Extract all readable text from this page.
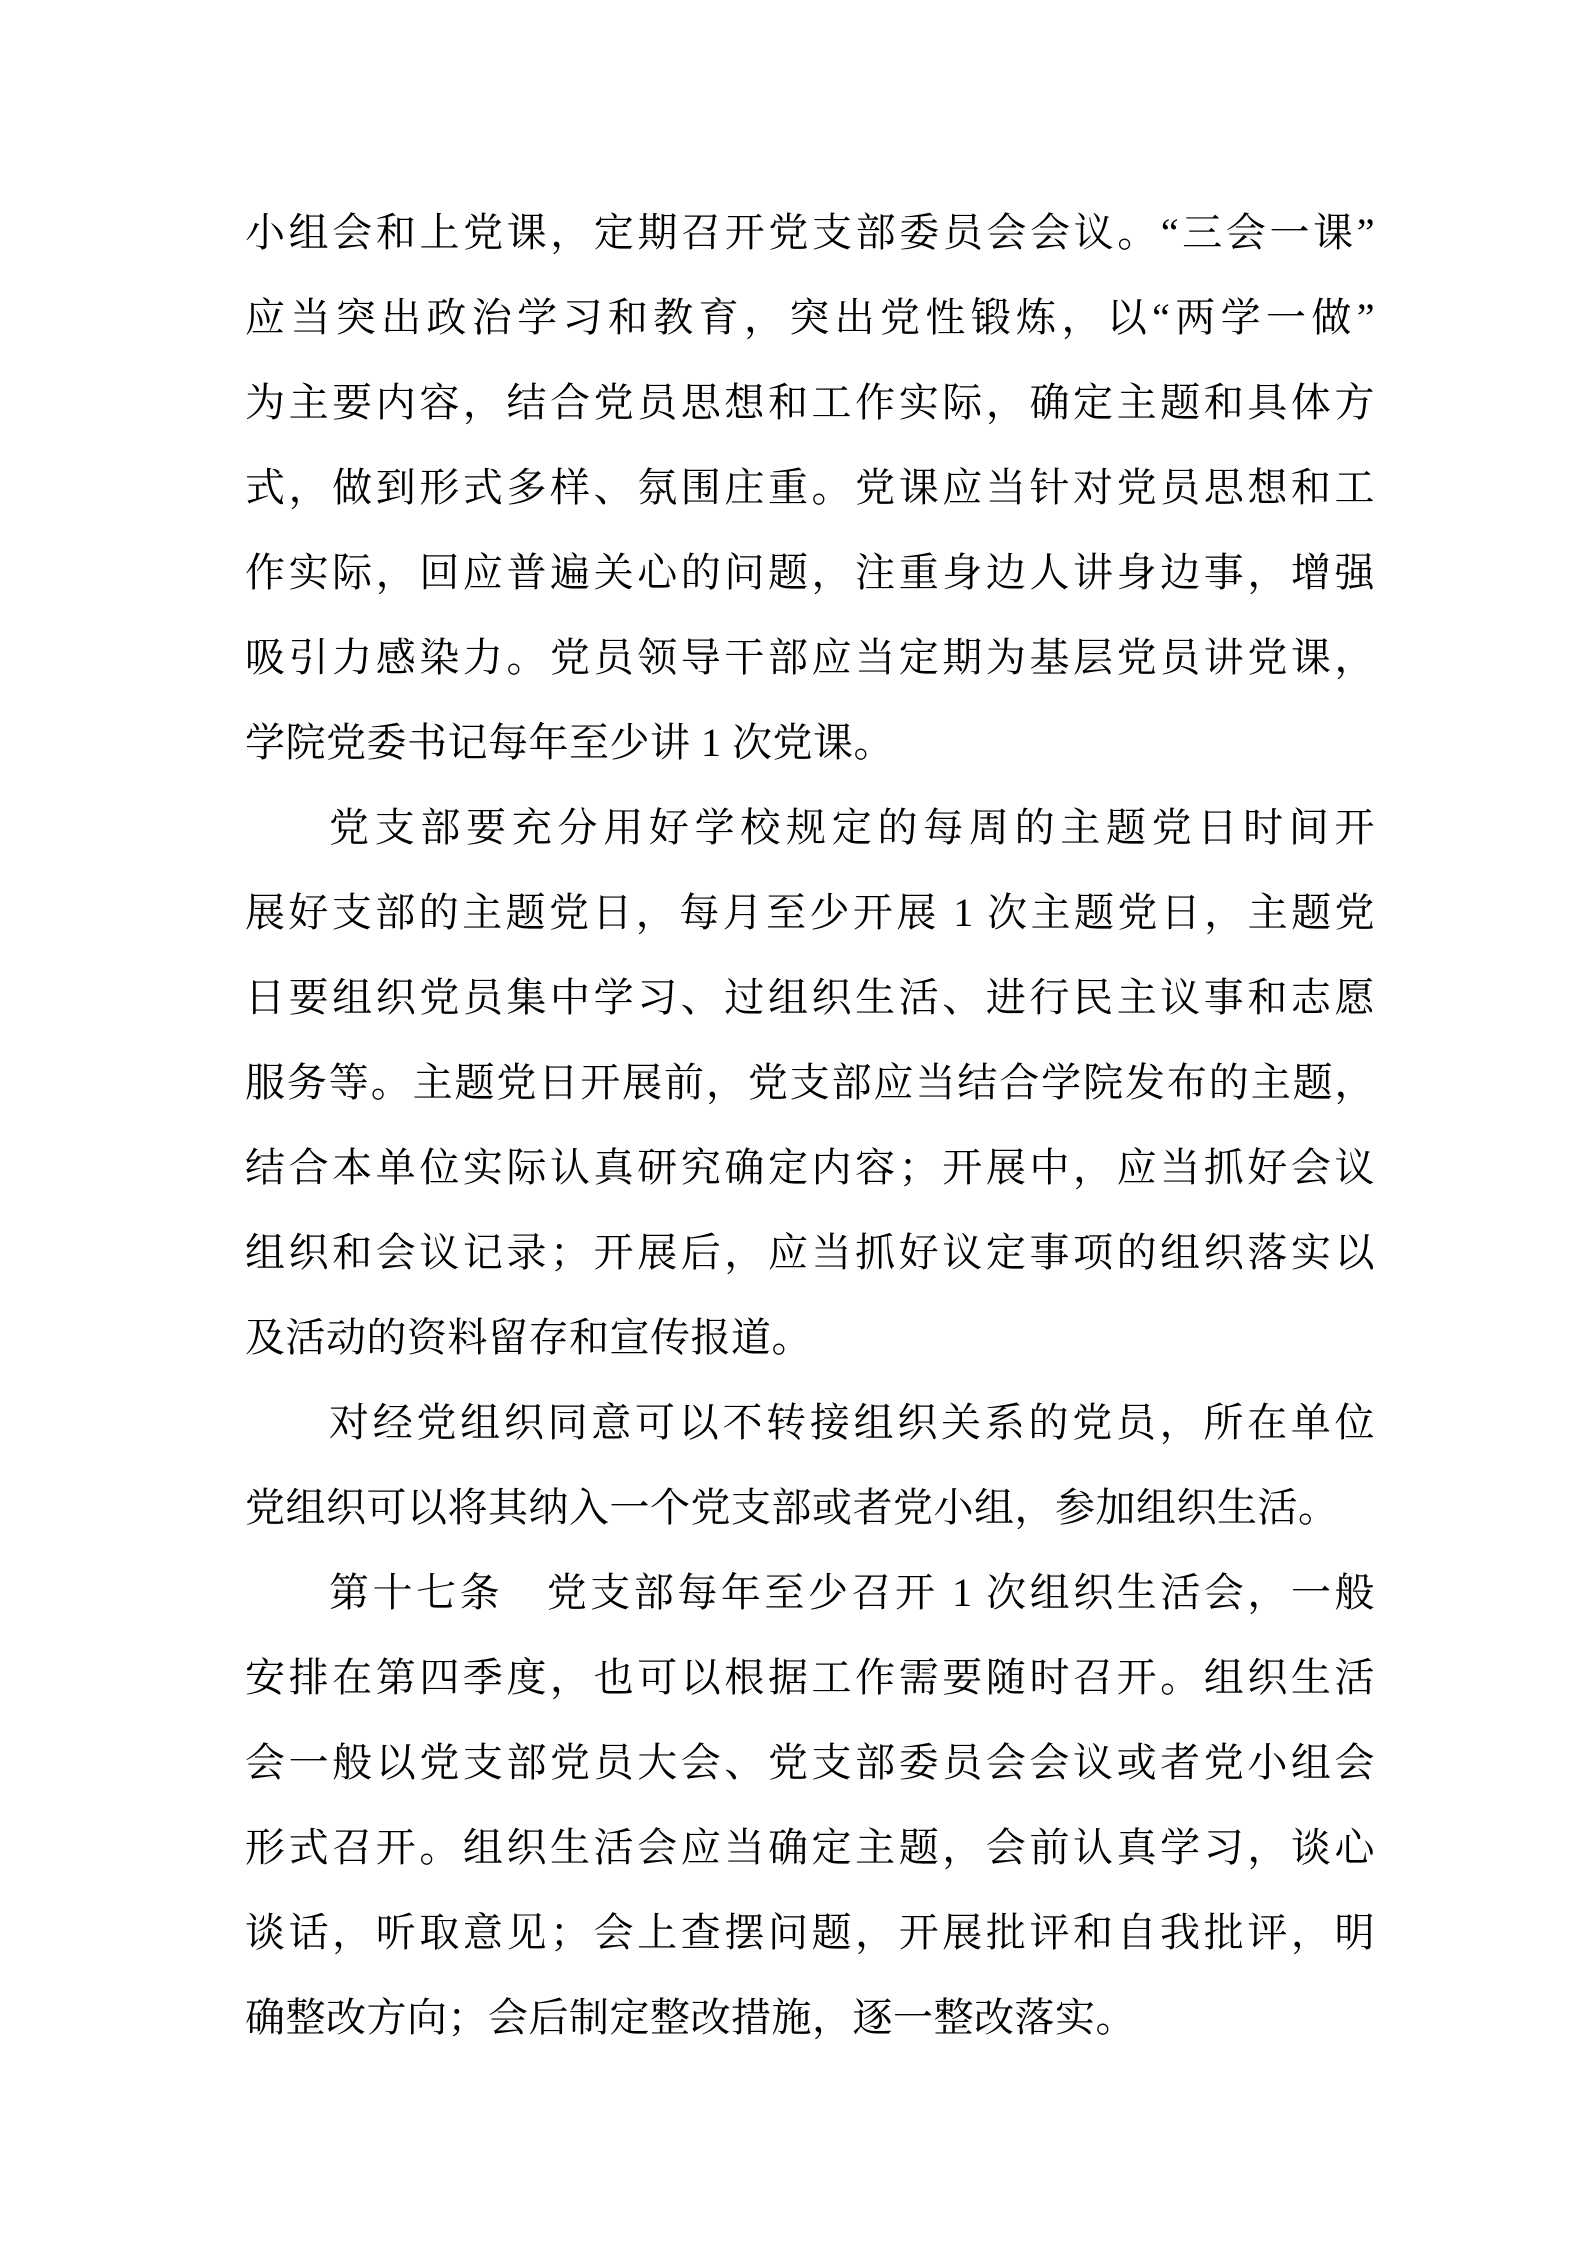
小组会和上党课，定期召开党支部委员会会议。“三会一课”
应当突出政治学习和教育，突出党性锻炼，以“两学一做”
为主要内容，结合党员思想和工作实际，确定主题和具体方
式，做到形式多样、氛围庄重。党课应当针对党员思想和工
作实际，回应普遍关心的问题，注重身边人讲身边事，增强
吸引力感染力。党员领导干部应当定期为基层党员讲党课，
学院党委书记每年至少讲 1 次党课。
党支部要充分用好学校规定的每周的主题党日时间开
展好支部的主题党日，每月至少开展 1 次主题党日，主题党
日要组织党员集中学习、过组织生活、进行民主议事和志愿
服务等。主题党日开展前，党支部应当结合学院发布的主题，
结合本单位实际认真研究确定内容；开展中，应当抓好会议
组织和会议记录；开展后，应当抓好议定事项的组织落实以
及活动的资料留存和宣传报道。
对经党组织同意可以不转接组织关系的党员，所在单位
党组织可以将其纳入一个党支部或者党小组，参加组织生活。
第十七条　党支部每年至少召开 1 次组织生活会，一般
安排在第四季度，也可以根据工作需要随时召开。组织生活
会一般以党支部党员大会、党支部委员会会议或者党小组会
形式召开。组织生活会应当确定主题，会前认真学习，谈心
谈话，听取意见；会上查摆问题，开展批评和自我批评，明
确整改方向；会后制定整改措施，逐一整改落实。
